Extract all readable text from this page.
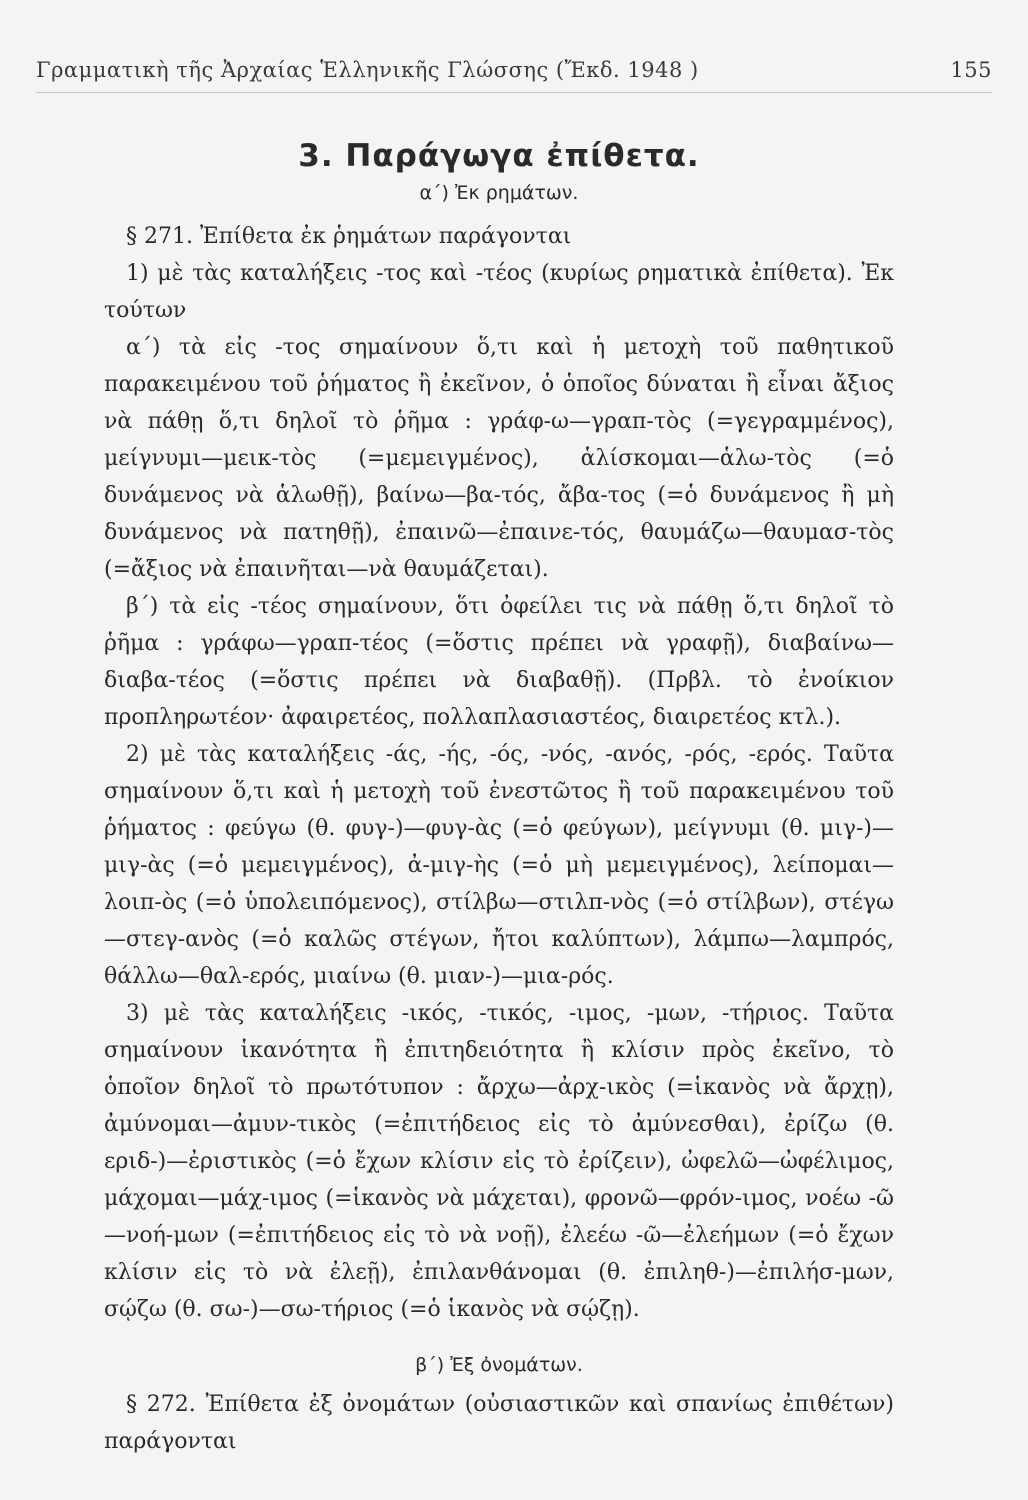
Γραμματικὴ τῆς Ἀρχαίας Ἑλληνικῆς Γλώσσης (Ἔκδ. 1948 )	155
3. Παράγωγα ἐπίθετα.
α΄) Ἐκ ρημάτων.

§ 271. Ἐπίθετα ἐκ ῥημάτων παράγονται

1) μὲ τὰς καταλήξεις -τος καὶ -τέος (κυρίως ρηματικὰ ἐπίθετα). Ἐκ τούτων

α΄) τὰ εἰς -τος σημαίνουν ὅ,τι καὶ ἡ μετοχὴ τοῦ παθητικοῦ παρακειμένου τοῦ ῥήματος ἢ ἐκεῖνον, ὁ ὁποῖος δύναται ἢ εἶναι ἄξιος νὰ πάθῃ ὅ,τι δηλοῖ τὸ ῥῆμα : γράφ-ω—γραπ-τὸς (=γεγραμμένος), μείγνυμι—μεικ-τὸς (=μεμειγμένος), ἁλίσκομαι—ἁλω-τὸς (=ὁ δυνάμενος νὰ ἁλωθῇ), βαίνω—βα-τός, ἄβα-τος (=ὁ δυνάμενος ἢ μὴ δυνάμενος νὰ πατηθῇ), ἐπαινῶ—ἐπαινε-τός, θαυμάζω—θαυμασ-τὸς (=ἄξιος νὰ ἐπαινῆται—νὰ θαυμάζεται).

β΄) τὰ εἰς -τέος σημαίνουν, ὅτι ὀφείλει τις νὰ πάθῃ ὅ,τι δηλοῖ τὸ ῥῆμα : γράφω—γραπ-τέος (=ὅστις πρέπει νὰ γραφῇ), διαβαίνω—διαβα-τέος (=ὅστις πρέπει νὰ διαβαθῇ). (Πρβλ. τὸ ἐνοίκιον προπληρωτέον· ἀφαιρετέος, πολλαπλασιαστέος, διαιρετέος κτλ.).

2) μὲ τὰς καταλήξεις -άς, -ής, -ός, -νός, -ανός, -ρός, -ερός. Ταῦτα σημαίνουν ὅ,τι καὶ ἡ μετοχὴ τοῦ ἐνεστῶτος ἢ τοῦ παρακειμένου τοῦ ῥήματος : φεύγω (θ. φυγ-)—φυγ-ὰς (=ὁ φεύγων), μείγνυμι (θ. μιγ-)—μιγ-ὰς (=ὁ μεμειγμένος), ἀ-μιγ-ὴς (=ὁ μὴ μεμειγμένος), λείπομαι—λοιπ-ὸς (=ὁ ὑπολειπόμενος), στίλβω—στιλπ-νὸς (=ὁ στίλβων), στέγω—στεγ-ανὸς (=ὁ καλῶς στέγων, ἤτοι καλύπτων), λάμπω—λαμπρός, θάλλω—θαλ-ερός, μιαίνω (θ. μιαν-)—μια-ρός.

3) μὲ τὰς καταλήξεις -ικός, -τικός, -ιμος, -μων, -τήριος. Ταῦτα σημαίνουν ἱκανότητα ἢ ἐπιτηδειότητα ἢ κλίσιν πρὸς ἐκεῖνο, τὸ ὁποῖον δηλοῖ τὸ πρωτότυπον : ἄρχω—ἀρχ-ικὸς (=ἱκανὸς νὰ ἄρχῃ), ἀμύνομαι—ἀμυν-τικὸς (=ἐπιτήδειος εἰς τὸ ἀμύνεσθαι), ἐρίζω (θ. εριδ-)—ἐριστικὸς (=ὁ ἔχων κλίσιν εἰς τὸ ἐρίζειν), ὠφελῶ—ὠφέλιμος, μάχομαι—μάχ-ιμος (=ἱκανὸς νὰ μάχεται), φρονῶ—φρόν-ιμος, νοέω -ῶ—νοή-μων (=ἐπιτήδειος εἰς τὸ νὰ νοῇ), ἐλεέω -ῶ—ἐλεήμων (=ὁ ἔχων κλίσιν εἰς τὸ νὰ ἐλεῇ), ἐπιλανθάνομαι (θ. ἐπιληθ-)—ἐπιλήσ-μων, σῴζω (θ. σω-)—σω-τήριος (=ὁ ἱκανὸς νὰ σῴζῃ).

β΄) Ἐξ ὀνομάτων.

§ 272. Ἐπίθετα ἐξ ὀνομάτων (οὐσιαστικῶν καὶ σπανίως ἐπιθέτων) παράγονται
